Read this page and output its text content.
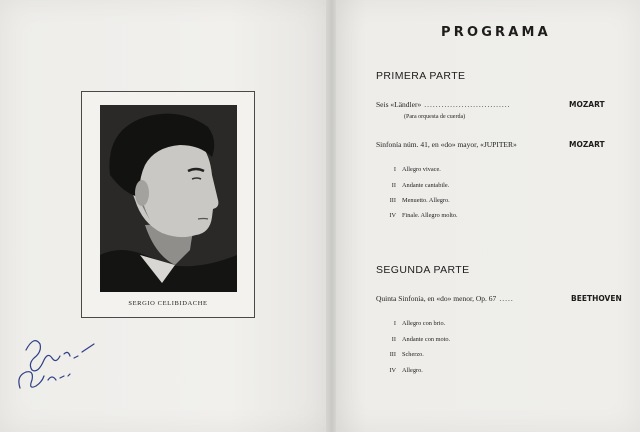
SERGIO CELIBIDACHE
PROGRAMA
PRIMERA PARTE
Seis «Ländler» ..............................	MOZART
(Para orquesta de cuerda)
Sinfonía núm. 41, en «do» mayor, «JUPITER»	MOZART
I Allegro vivace.
II Andante cantabile.
III Menuetto. Allegro.
IV Finale. Allegro molto.
SEGUNDA PARTE
Quinta Sinfonía, en «do» menor, Op. 67 .....	BEETHOVEN
I Allegro con brio.
II Andante con moto.
III Scherzo.
IV Allegro.
